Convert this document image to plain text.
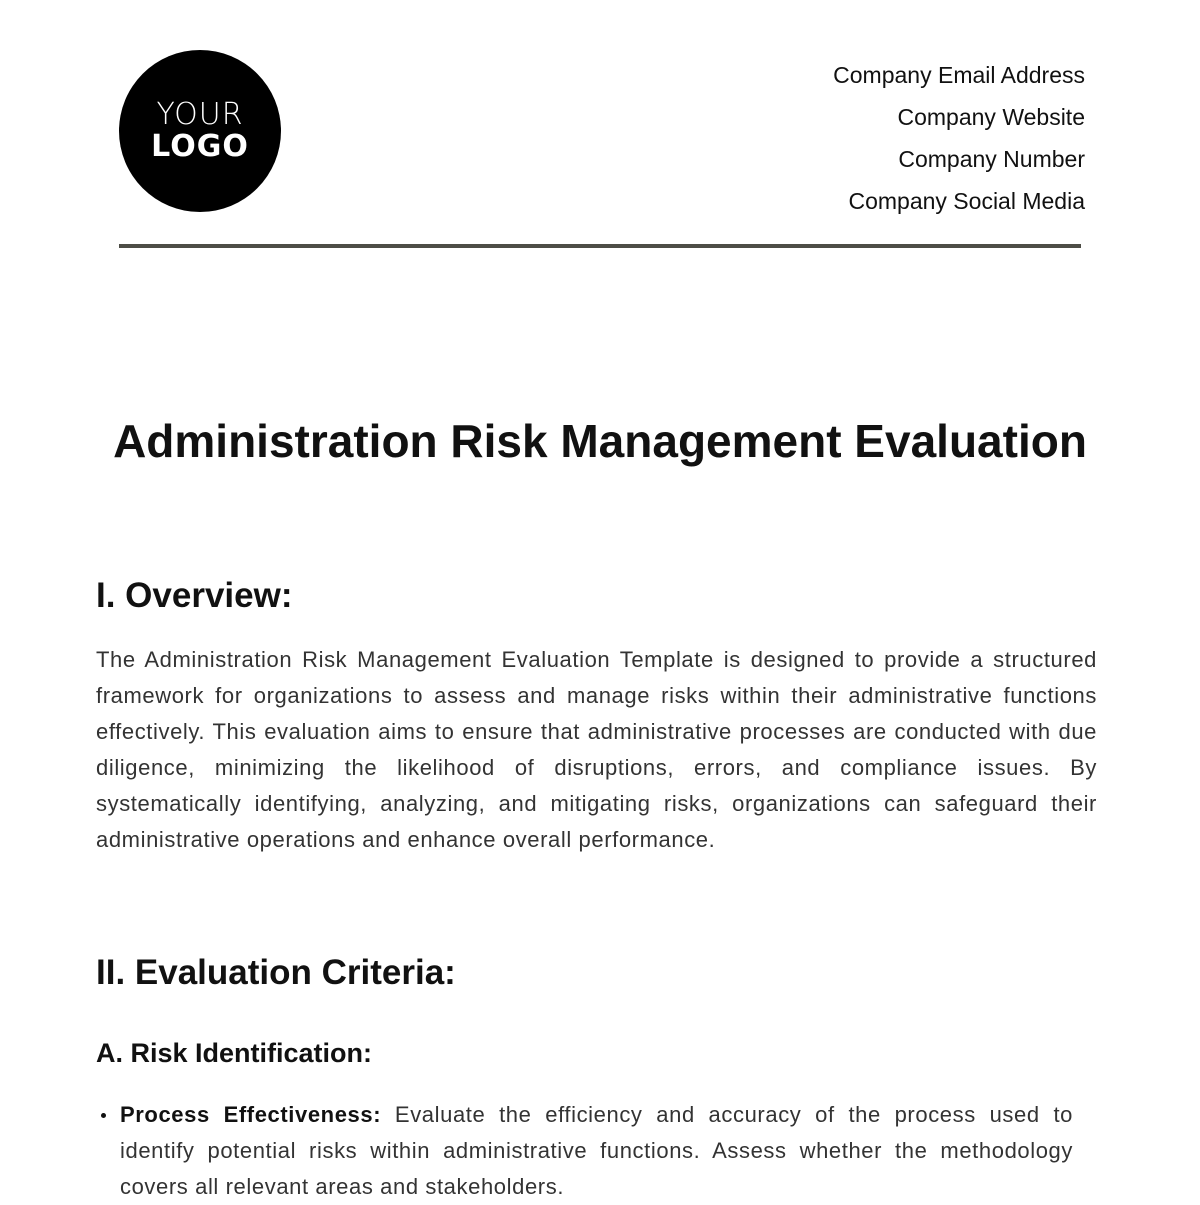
YOUR
LOGO
Company Email Address
Company Website
Company Number
Company Social Media
Administration Risk Management Evaluation
I. Overview:
The Administration Risk Management Evaluation Template is designed to provide a structured framework for organizations to assess and manage risks within their administrative functions effectively. This evaluation aims to ensure that administrative processes are conducted with due diligence, minimizing the likelihood of disruptions, errors, and compliance issues. By systematically identifying, analyzing, and mitigating risks, organizations can safeguard their administrative operations and enhance overall performance.
II. Evaluation Criteria:
A. Risk Identification:
Process Effectiveness: Evaluate the efficiency and accuracy of the process used to identify potential risks within administrative functions. Assess whether the methodology covers all relevant areas and stakeholders.
